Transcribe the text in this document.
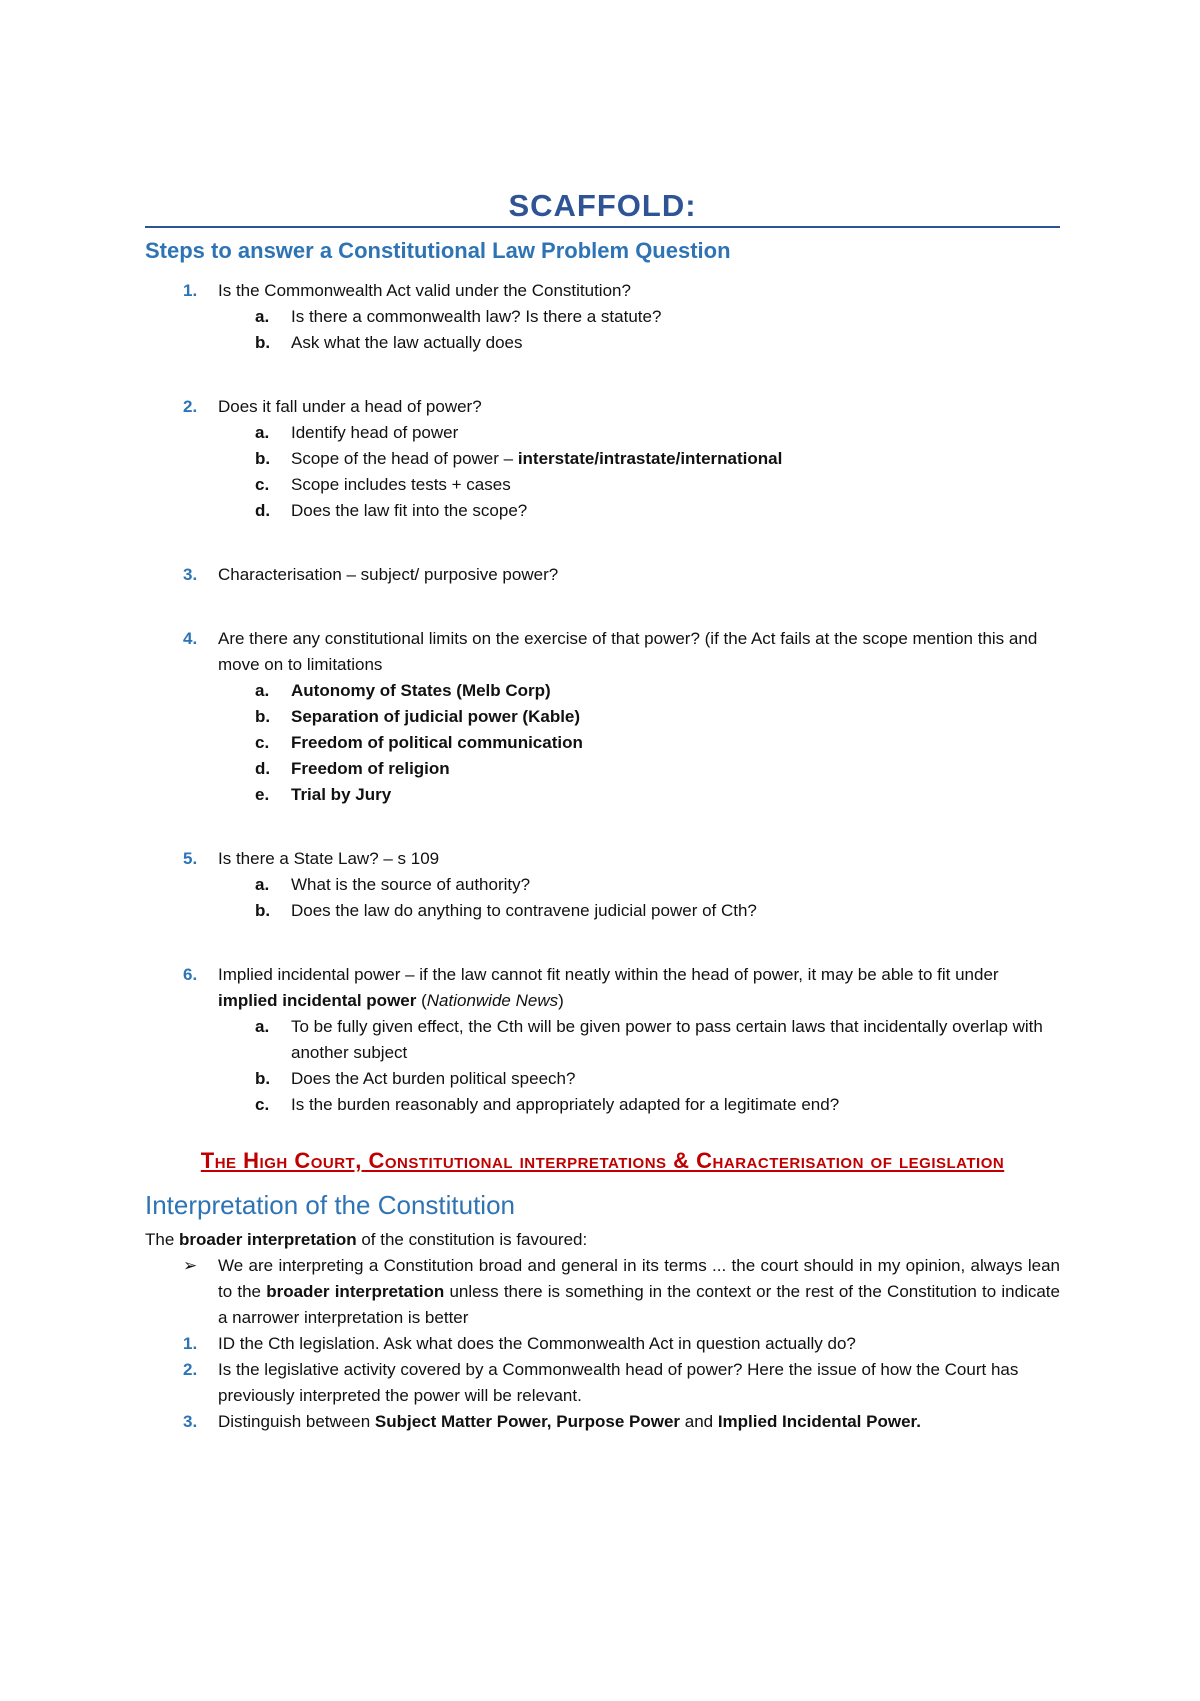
SCAFFOLD:
Steps to answer a Constitutional Law Problem Question
1. Is the Commonwealth Act valid under the Constitution?
a. Is there a commonwealth law? Is there a statute?
b. Ask what the law actually does
2. Does it fall under a head of power?
a. Identify head of power
b. Scope of the head of power – interstate/intrastate/international
c. Scope includes tests + cases
d. Does the law fit into the scope?
3. Characterisation – subject/ purposive power?
4. Are there any constitutional limits on the exercise of that power? (if the Act fails at the scope mention this and move on to limitations
a. Autonomy of States (Melb Corp)
b. Separation of judicial power (Kable)
c. Freedom of political communication
d. Freedom of religion
e. Trial by Jury
5. Is there a State Law? – s 109
a. What is the source of authority?
b. Does the law do anything to contravene judicial power of Cth?
6. Implied incidental power – if the law cannot fit neatly within the head of power, it may be able to fit under implied incidental power (Nationwide News)
a. To be fully given effect, the Cth will be given power to pass certain laws that incidentally overlap with another subject
b. Does the Act burden political speech?
c. Is the burden reasonably and appropriately adapted for a legitimate end?
The High Court, Constitutional interpretations & Characterisation of legislation
Interpretation of the Constitution
The broader interpretation of the constitution is favoured:
➢ We are interpreting a Constitution broad and general in its terms ... the court should in my opinion, always lean to the broader interpretation unless there is something in the context or the rest of the Constitution to indicate a narrower interpretation is better
1. ID the Cth legislation. Ask what does the Commonwealth Act in question actually do?
2. Is the legislative activity covered by a Commonwealth head of power? Here the issue of how the Court has previously interpreted the power will be relevant.
3. Distinguish between Subject Matter Power, Purpose Power and Implied Incidental Power.
